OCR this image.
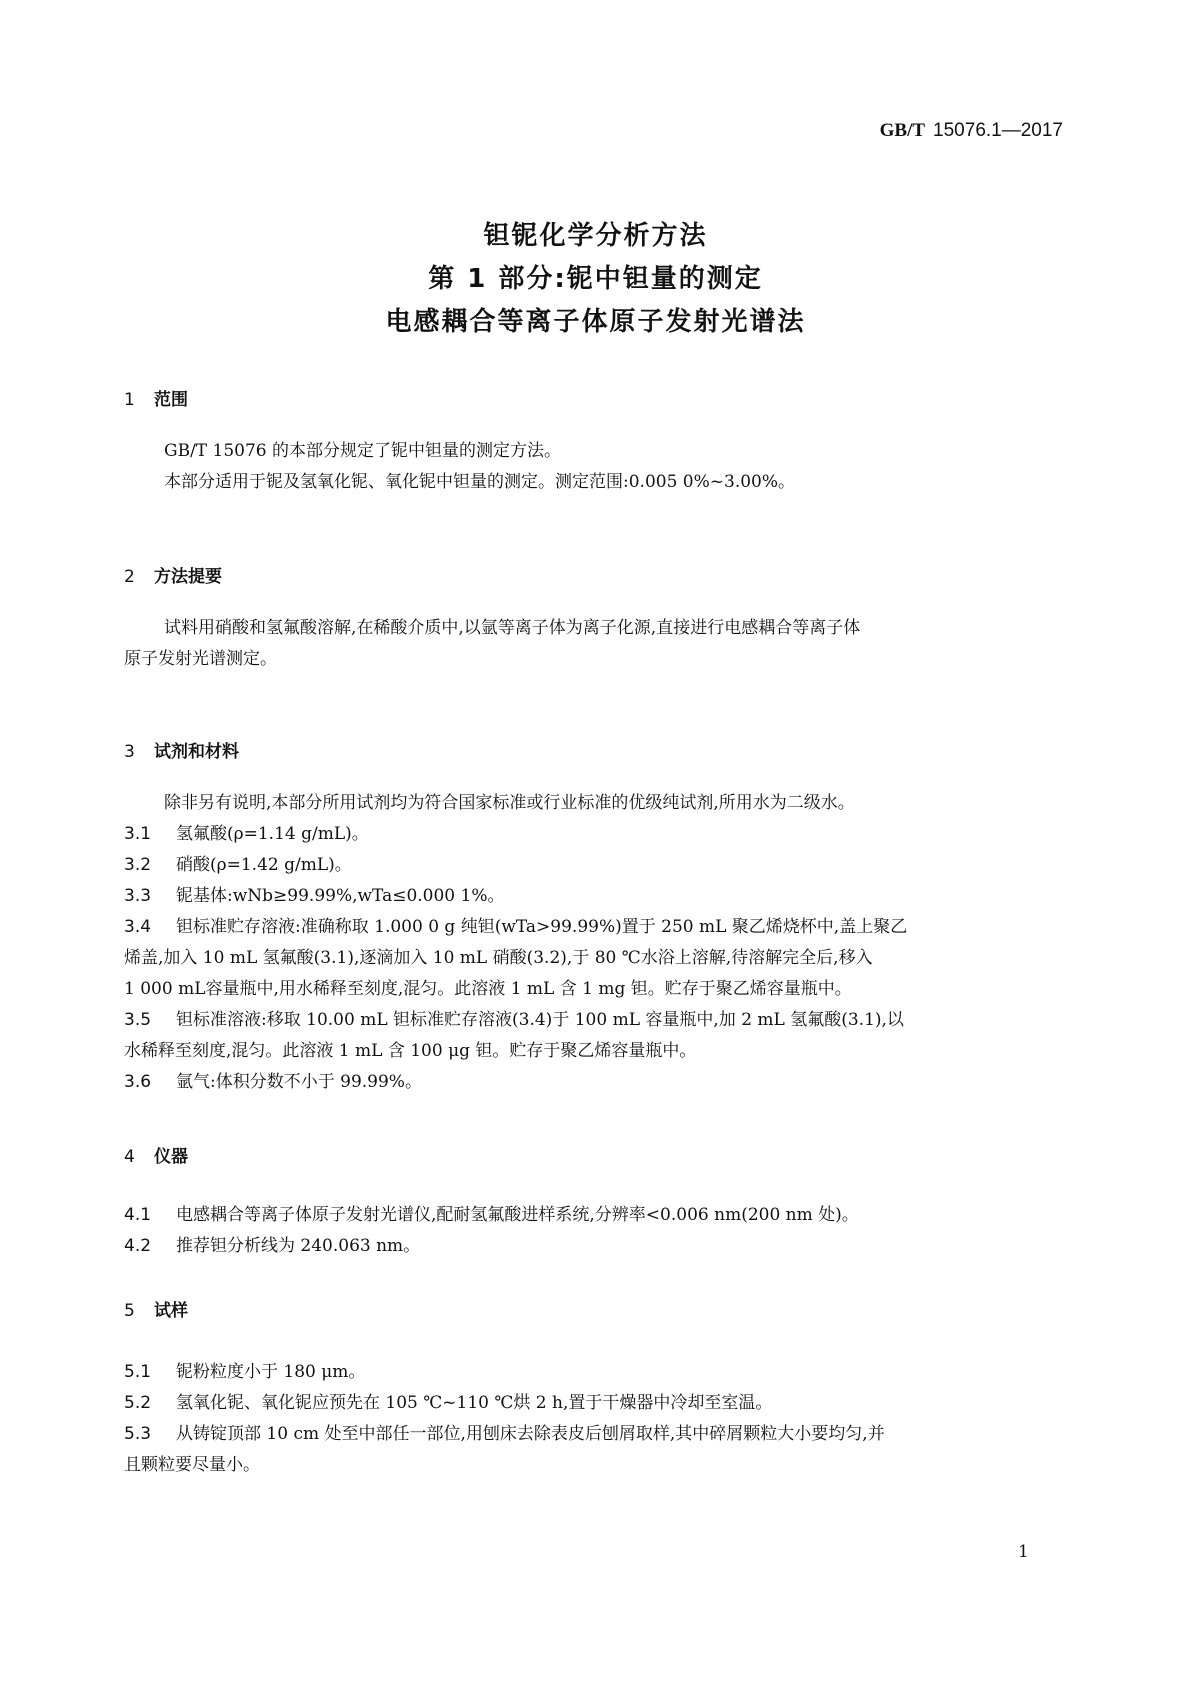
GB/T 15076.1—2017
钽铌化学分析方法
第 1 部分:铌中钽量的测定
电感耦合等离子体原子发射光谱法
1 范围
GB/T 15076 的本部分规定了铌中钽量的测定方法。
本部分适用于铌及氢氧化铌、氧化铌中钽量的测定。测定范围:0.005 0%~3.00%。
2 方法提要
试料用硝酸和氢氟酸溶解,在稀酸介质中,以氩等离子体为离子化源,直接进行电感耦合等离子体
原子发射光谱测定。
3 试剂和材料
除非另有说明,本部分所用试剂均为符合国家标准或行业标准的优级纯试剂,所用水为二级水。
3.1 氢氟酸(ρ=1.14 g/mL)。
3.2 硝酸(ρ=1.42 g/mL)。
3.3 铌基体:wNb≥99.99%,wTa≤0.000 1%。
3.4 钽标准贮存溶液:准确称取 1.000 0 g 纯钽(wTa>99.99%)置于 250 mL 聚乙烯烧杯中,盖上聚乙
烯盖,加入 10 mL 氢氟酸(3.1),逐滴加入 10 mL 硝酸(3.2),于 80 ℃水浴上溶解,待溶解完全后,移入
1 000 mL容量瓶中,用水稀释至刻度,混匀。此溶液 1 mL 含 1 mg 钽。贮存于聚乙烯容量瓶中。
3.5 钽标准溶液:移取 10.00 mL 钽标准贮存溶液(3.4)于 100 mL 容量瓶中,加 2 mL 氢氟酸(3.1),以
水稀释至刻度,混匀。此溶液 1 mL 含 100 μg 钽。贮存于聚乙烯容量瓶中。
3.6 氩气:体积分数不小于 99.99%。
4 仪器
4.1 电感耦合等离子体原子发射光谱仪,配耐氢氟酸进样系统,分辨率<0.006 nm(200 nm 处)。
4.2 推荐钽分析线为 240.063 nm。
5 试样
5.1 铌粉粒度小于 180 μm。
5.2 氢氧化铌、氧化铌应预先在 105 ℃~110 ℃烘 2 h,置于干燥器中冷却至室温。
5.3 从铸锭顶部 10 cm 处至中部任一部位,用刨床去除表皮后刨屑取样,其中碎屑颗粒大小要均匀,并
且颗粒要尽量小。
1
